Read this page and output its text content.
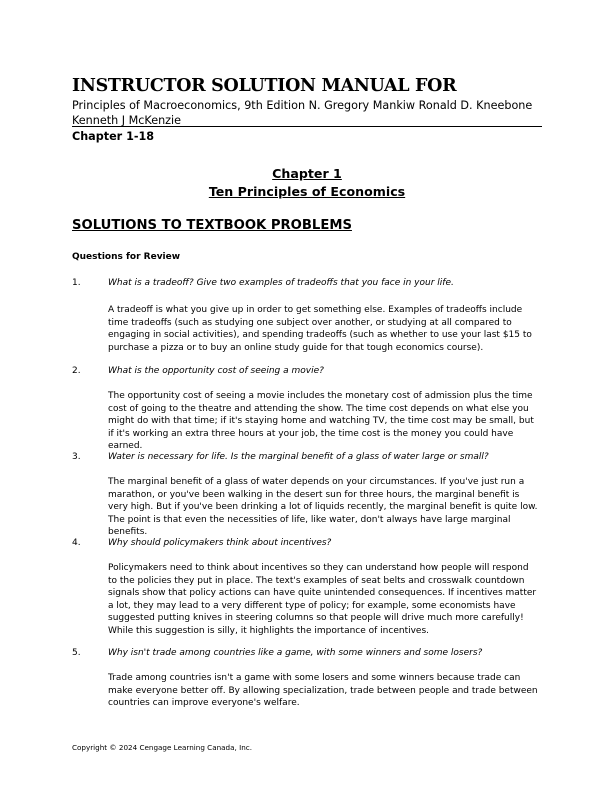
INSTRUCTOR SOLUTION MANUAL FOR
Principles of Macroeconomics, 9th Edition N. Gregory Mankiw Ronald D. Kneebone Kenneth J McKenzie
Chapter 1-18
Chapter 1
Ten Principles of Economics
SOLUTIONS TO TEXTBOOK PROBLEMS
Questions for Review
1.	What is a tradeoff? Give two examples of tradeoffs that you face in your life.
A tradeoff is what you give up in order to get something else. Examples of tradeoffs include time tradeoffs (such as studying one subject over another, or studying at all compared to engaging in social activities), and spending tradeoffs (such as whether to use your last $15 to purchase a pizza or to buy an online study guide for that tough economics course).
2.	What is the opportunity cost of seeing a movie?
The opportunity cost of seeing a movie includes the monetary cost of admission plus the time cost of going to the theatre and attending the show. The time cost depends on what else you might do with that time; if it's staying home and watching TV, the time cost may be small, but if it's working an extra three hours at your job, the time cost is the money you could have earned.
3.	Water is necessary for life. Is the marginal benefit of a glass of water large or small?
The marginal benefit of a glass of water depends on your circumstances. If you've just run a marathon, or you've been walking in the desert sun for three hours, the marginal benefit is very high. But if you've been drinking a lot of liquids recently, the marginal benefit is quite low. The point is that even the necessities of life, like water, don't always have large marginal benefits.
4.	Why should policymakers think about incentives?
Policymakers need to think about incentives so they can understand how people will respond to the policies they put in place. The text's examples of seat belts and crosswalk countdown signals show that policy actions can have quite unintended consequences. If incentives matter a lot, they may lead to a very different type of policy; for example, some economists have suggested putting knives in steering columns so that people will drive much more carefully! While this suggestion is silly, it highlights the importance of incentives.
5.	Why isn't trade among countries like a game, with some winners and some losers?
Trade among countries isn't a game with some losers and some winners because trade can make everyone better off. By allowing specialization, trade between people and trade between countries can improve everyone's welfare.
Copyright © 2024 Cengage Learning Canada, Inc.
